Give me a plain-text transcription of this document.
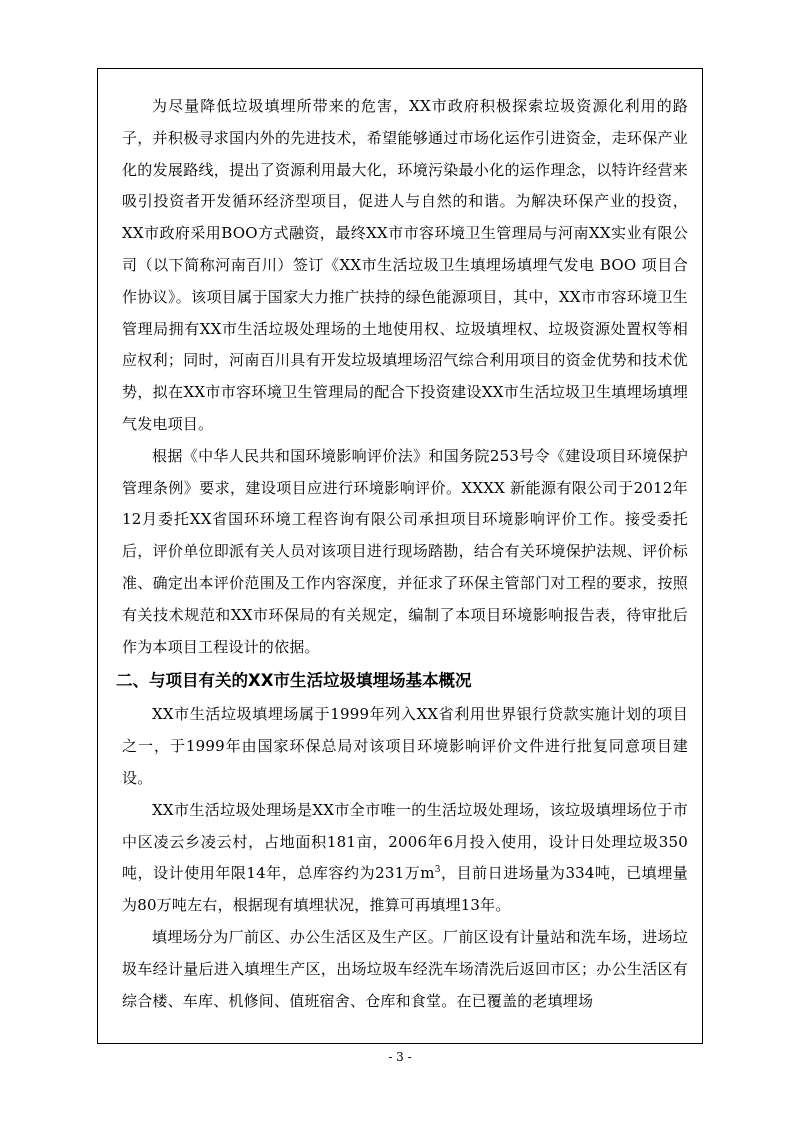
为尽量降低垃圾填埋所带来的危害，XX市政府积极探索垃圾资源化利用的路子，并积极寻求国内外的先进技术，希望能够通过市场化运作引进资金，走环保产业化的发展路线，提出了资源利用最大化，环境污染最小化的运作理念，以特许经营来吸引投资者开发循环经济型项目，促进人与自然的和谐。为解决环保产业的投资，XX市政府采用BOO方式融资，最终XX市市容环境卫生管理局与河南XX实业有限公司（以下简称河南百川）签订《XX市生活垃圾卫生填埋场填埋气发电 BOO 项目合作协议》。该项目属于国家大力推广扶持的绿色能源项目，其中，XX市市容环境卫生管理局拥有XX市生活垃圾处理场的土地使用权、垃圾填埋权、垃圾资源处置权等相应权利；同时，河南百川具有开发垃圾填埋场沼气综合利用项目的资金优势和技术优势，拟在XX市市容环境卫生管理局的配合下投资建设XX市生活垃圾卫生填埋场填埋气发电项目。

根据《中华人民共和国环境影响评价法》和国务院253号令《建设项目环境保护管理条例》要求，建设项目应进行环境影响评价。XXXX 新能源有限公司于2012年12月委托XX省国环环境工程咨询有限公司承担项目环境影响评价工作。接受委托后，评价单位即派有关人员对该项目进行现场踏勘，结合有关环境保护法规、评价标准、确定出本评价范围及工作内容深度，并征求了环保主管部门对工程的要求，按照有关技术规范和XX市环保局的有关规定，编制了本项目环境影响报告表，待审批后作为本项目工程设计的依据。

二、与项目有关的XX市生活垃圾填埋场基本概况

XX市生活垃圾填埋场属于1999年列入XX省利用世界银行贷款实施计划的项目之一，于1999年由国家环保总局对该项目环境影响评价文件进行批复同意项目建设。

XX市生活垃圾处理场是XX市全市唯一的生活垃圾处理场，该垃圾填埋场位于市中区凌云乡凌云村，占地面积181亩，2006年6月投入使用，设计日处理垃圾350吨，设计使用年限14年，总库容约为231万$m^3$，目前日进场量为334吨，已填埋量为80万吨左右，根据现有填埋状况，推算可再填埋13年。

填埋场分为厂前区、办公生活区及生产区。厂前区设有计量站和洗车场，进场垃圾车经计量后进入填埋生产区，出场垃圾车经洗车场清洗后返回市区；办公生活区有综合楼、车库、机修间、值班宿舍、仓库和食堂。在已覆盖的老填埋场

- 3 -
